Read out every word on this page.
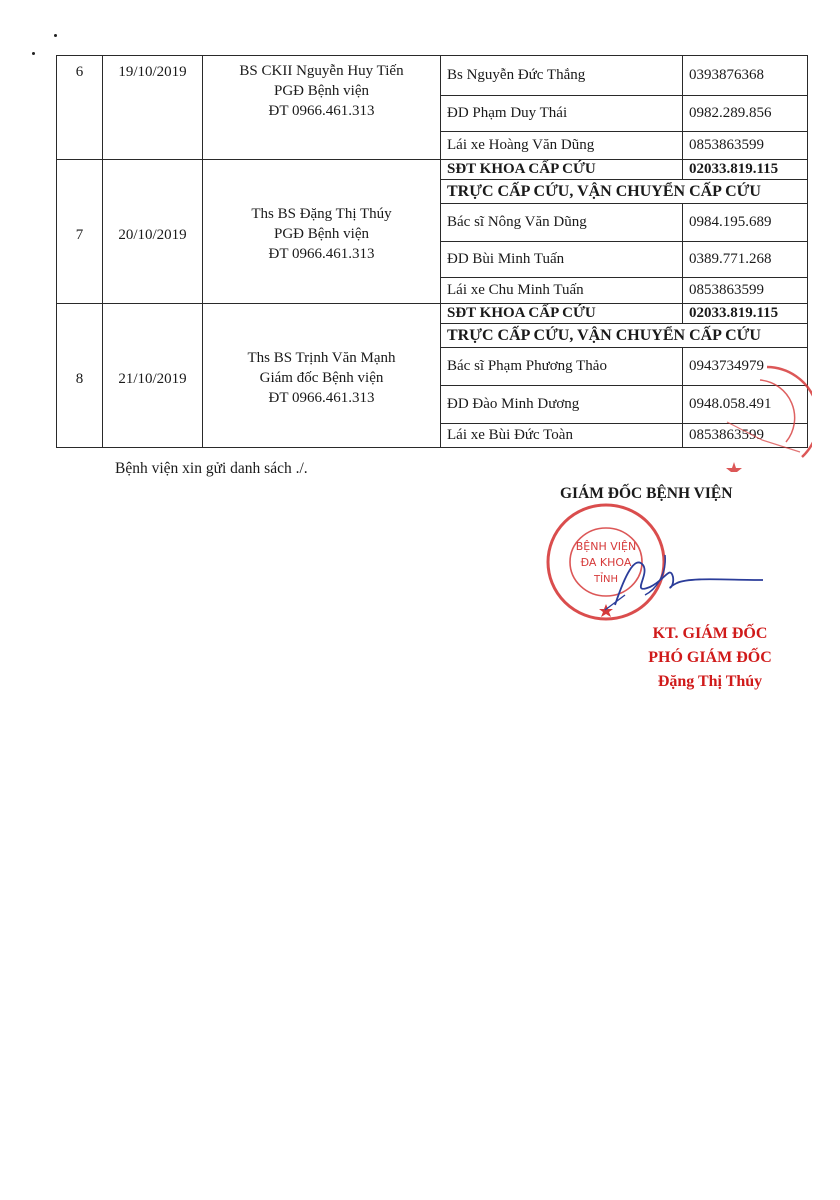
6	19/10/2019	BS CKII Nguyễn Huy Tiến
PGĐ Bệnh viện
ĐT 0966.461.313	Bs Nguyễn Đức Thắng	0393876368
			ĐD Phạm Duy Thái	0982.289.856
			Lái xe Hoàng Văn Dũng	0853863599
7	20/10/2019	Ths BS Đặng Thị Thúy
PGĐ Bệnh viện
ĐT 0966.461.313	SĐT KHOA CẤP CỨU	02033.819.115
			TRỰC CẤP CỨU, VẬN CHUYỂN CẤP CỨU	
			Bác sĩ Nông Văn Dũng	0984.195.689
			ĐD Bùi Minh Tuấn	0389.771.268
			Lái xe Chu Minh Tuấn	0853863599
8	21/10/2019	Ths BS Trịnh Văn Mạnh
Giám đốc Bệnh viện
ĐT 0966.461.313	SĐT KHOA CẤP CỨU	02033.819.115
			TRỰC CẤP CỨU, VẬN CHUYỂN CẤP CỨU	
			Bác sĩ Phạm Phương Thảo	0943734979
			ĐD Đào Minh Dương	0948.058.491
			Lái xe Bùi Đức Toàn	0853863599
Bệnh viện xin gửi danh sách ./.
GIÁM ĐỐC BỆNH VIỆN
BỆNH VIỆN
ĐA KHOA
TỈNH
KT. GIÁM ĐỐC
PHÓ GIÁM ĐỐC
Đặng Thị Thúy
